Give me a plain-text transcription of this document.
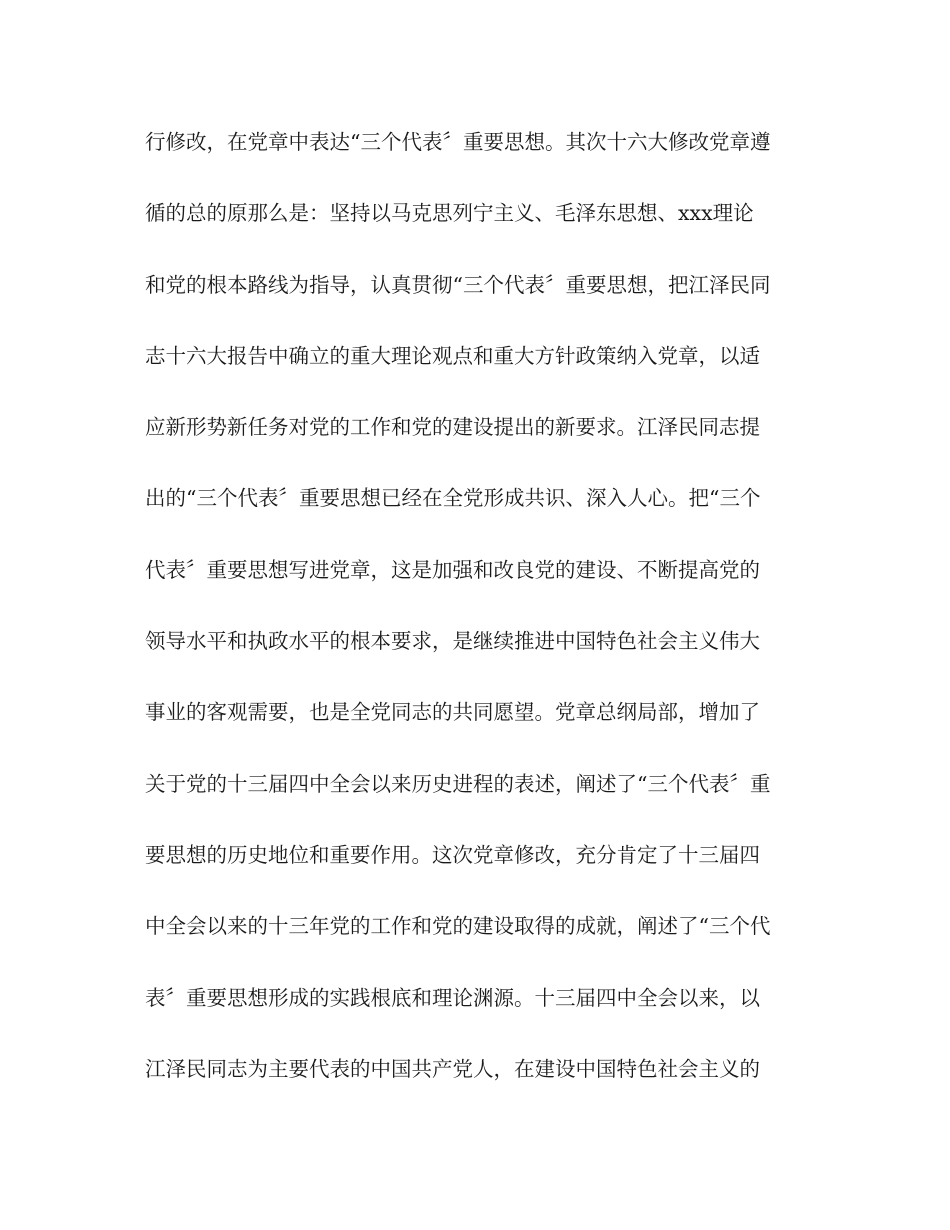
行修改，在党章中表达“三个代表〞重要思想。其次十六大修改党章遵
循的总的原那么是：坚持以马克思列宁主义、毛泽东思想、xxx理论
和党的根本路线为指导，认真贯彻“三个代表〞重要思想，把江泽民同
志十六大报告中确立的重大理论观点和重大方针政策纳入党章，以适
应新形势新任务对党的工作和党的建设提出的新要求。江泽民同志提
出的“三个代表〞重要思想已经在全党形成共识、深入人心。把“三个
代表〞重要思想写进党章，这是加强和改良党的建设、不断提高党的
领导水平和执政水平的根本要求，是继续推进中国特色社会主义伟大
事业的客观需要，也是全党同志的共同愿望。党章总纲局部，增加了
关于党的十三届四中全会以来历史进程的表述，阐述了“三个代表〞重
要思想的历史地位和重要作用。这次党章修改，充分肯定了十三届四
中全会以来的十三年党的工作和党的建设取得的成就，阐述了“三个代
表〞重要思想形成的实践根底和理论渊源。十三届四中全会以来，以
江泽民同志为主要代表的中国共产党人，在建设中国特色社会主义的
